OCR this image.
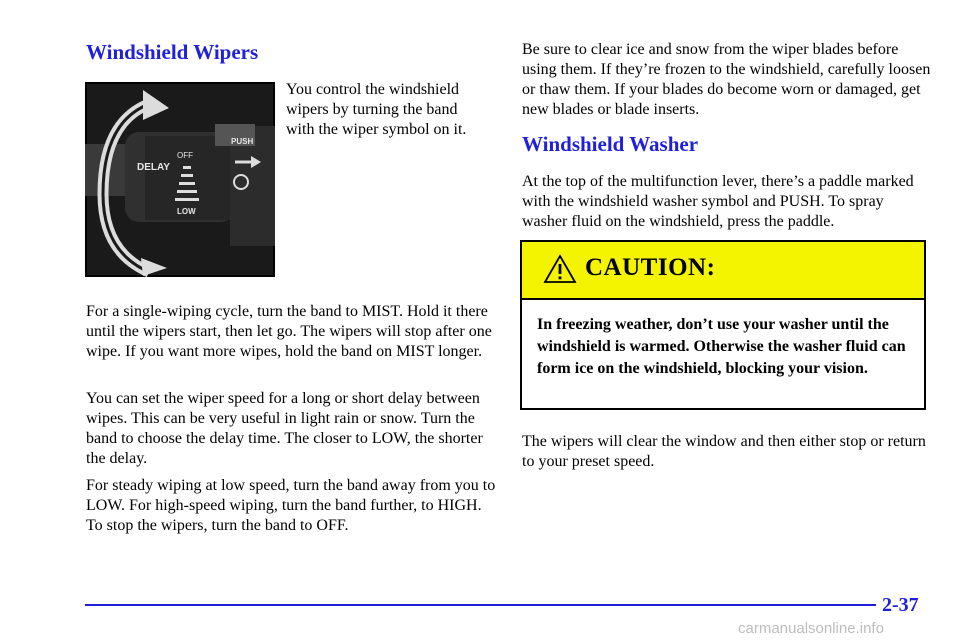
Windshield Wipers

You control the windshield wipers by turning the band with the wiper symbol on it.

DELAY
OFF
LOW
PUSH

For a single-wiping cycle, turn the band to MIST. Hold it there until the wipers start, then let go. The wipers will stop after one wipe. If you want more wipes, hold the band on MIST longer.

You can set the wiper speed for a long or short delay between wipes. This can be very useful in light rain or snow. Turn the band to choose the delay time. The closer to LOW, the shorter the delay.

For steady wiping at low speed, turn the band away from you to LOW. For high-speed wiping, turn the band further, to HIGH. To stop the wipers, turn the band to OFF.

Be sure to clear ice and snow from the wiper blades before using them. If they’re frozen to the windshield, carefully loosen or thaw them. If your blades do become worn or damaged, get new blades or blade inserts.

Windshield Washer

At the top of the multifunction lever, there’s a paddle marked with the windshield washer symbol and PUSH. To spray washer fluid on the windshield, press the paddle.

CAUTION:

In freezing weather, don’t use your washer until the windshield is warmed. Otherwise the washer fluid can form ice on the windshield, blocking your vision.

The wipers will clear the window and then either stop or return to your preset speed.

2-37
carmanualsonline.info
